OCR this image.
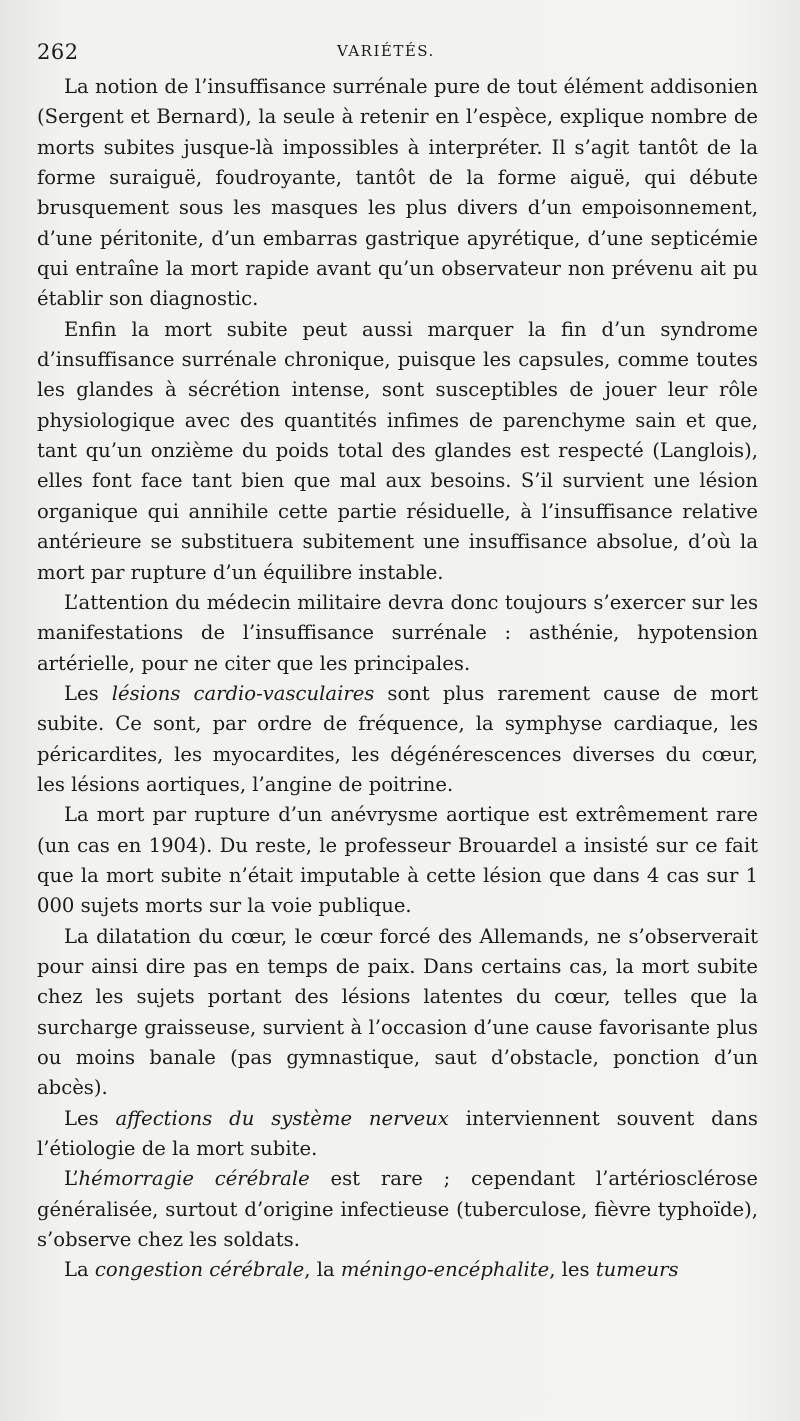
262	VARIÉTÉS.

La notion de l’insuffisance surrénale pure de tout élément addisonien (Sergent et Bernard), la seule à retenir en l’espèce, explique nombre de morts subites jusque-là impossibles à interpréter. Il s’agit tantôt de la forme suraiguë, foudroyante, tantôt de la forme aiguë, qui débute brusquement sous les masques les plus divers d’un empoisonnement, d’une péritonite, d’un embarras gastrique apyrétique, d’une septicémie qui entraîne la mort rapide avant qu’un observateur non prévenu ait pu établir son diagnostic.

Enfin la mort subite peut aussi marquer la fin d’un syndrome d’insuffisance surrénale chronique, puisque les capsules, comme toutes les glandes à sécrétion intense, sont susceptibles de jouer leur rôle physiologique avec des quantités infimes de parenchyme sain et que, tant qu’un onzième du poids total des glandes est respecté (Langlois), elles font face tant bien que mal aux besoins. S’il survient une lésion organique qui annihile cette partie résiduelle, à l’insuffisance relative antérieure se substituera subitement une insuffisance absolue, d’où la mort par rupture d’un équilibre instable.

L’attention du médecin militaire devra donc toujours s’exercer sur les manifestations de l’insuffisance surrénale : asthénie, hypotension artérielle, pour ne citer que les principales.

Les lésions cardio-vasculaires sont plus rarement cause de mort subite. Ce sont, par ordre de fréquence, la symphyse cardiaque, les péricardites, les myocardites, les dégénérescences diverses du cœur, les lésions aortiques, l’angine de poitrine.

La mort par rupture d’un anévrysme aortique est extrêmement rare (un cas en 1904). Du reste, le professeur Brouardel a insisté sur ce fait que la mort subite n’était imputable à cette lésion que dans 4 cas sur 1 000 sujets morts sur la voie publique.

La dilatation du cœur, le cœur forcé des Allemands, ne s’observerait pour ainsi dire pas en temps de paix. Dans certains cas, la mort subite chez les sujets portant des lésions latentes du cœur, telles que la surcharge graisseuse, survient à l’occasion d’une cause favorisante plus ou moins banale (pas gymnastique, saut d’obstacle, ponction d’un abcès).

Les affections du système nerveux interviennent souvent dans l’étiologie de la mort subite.

L’hémorragie cérébrale est rare ; cependant l’artériosclérose généralisée, surtout d’origine infectieuse (tuberculose, fièvre typhoïde), s’observe chez les soldats.

La congestion cérébrale, la méningo-encéphalite, les tumeurs
